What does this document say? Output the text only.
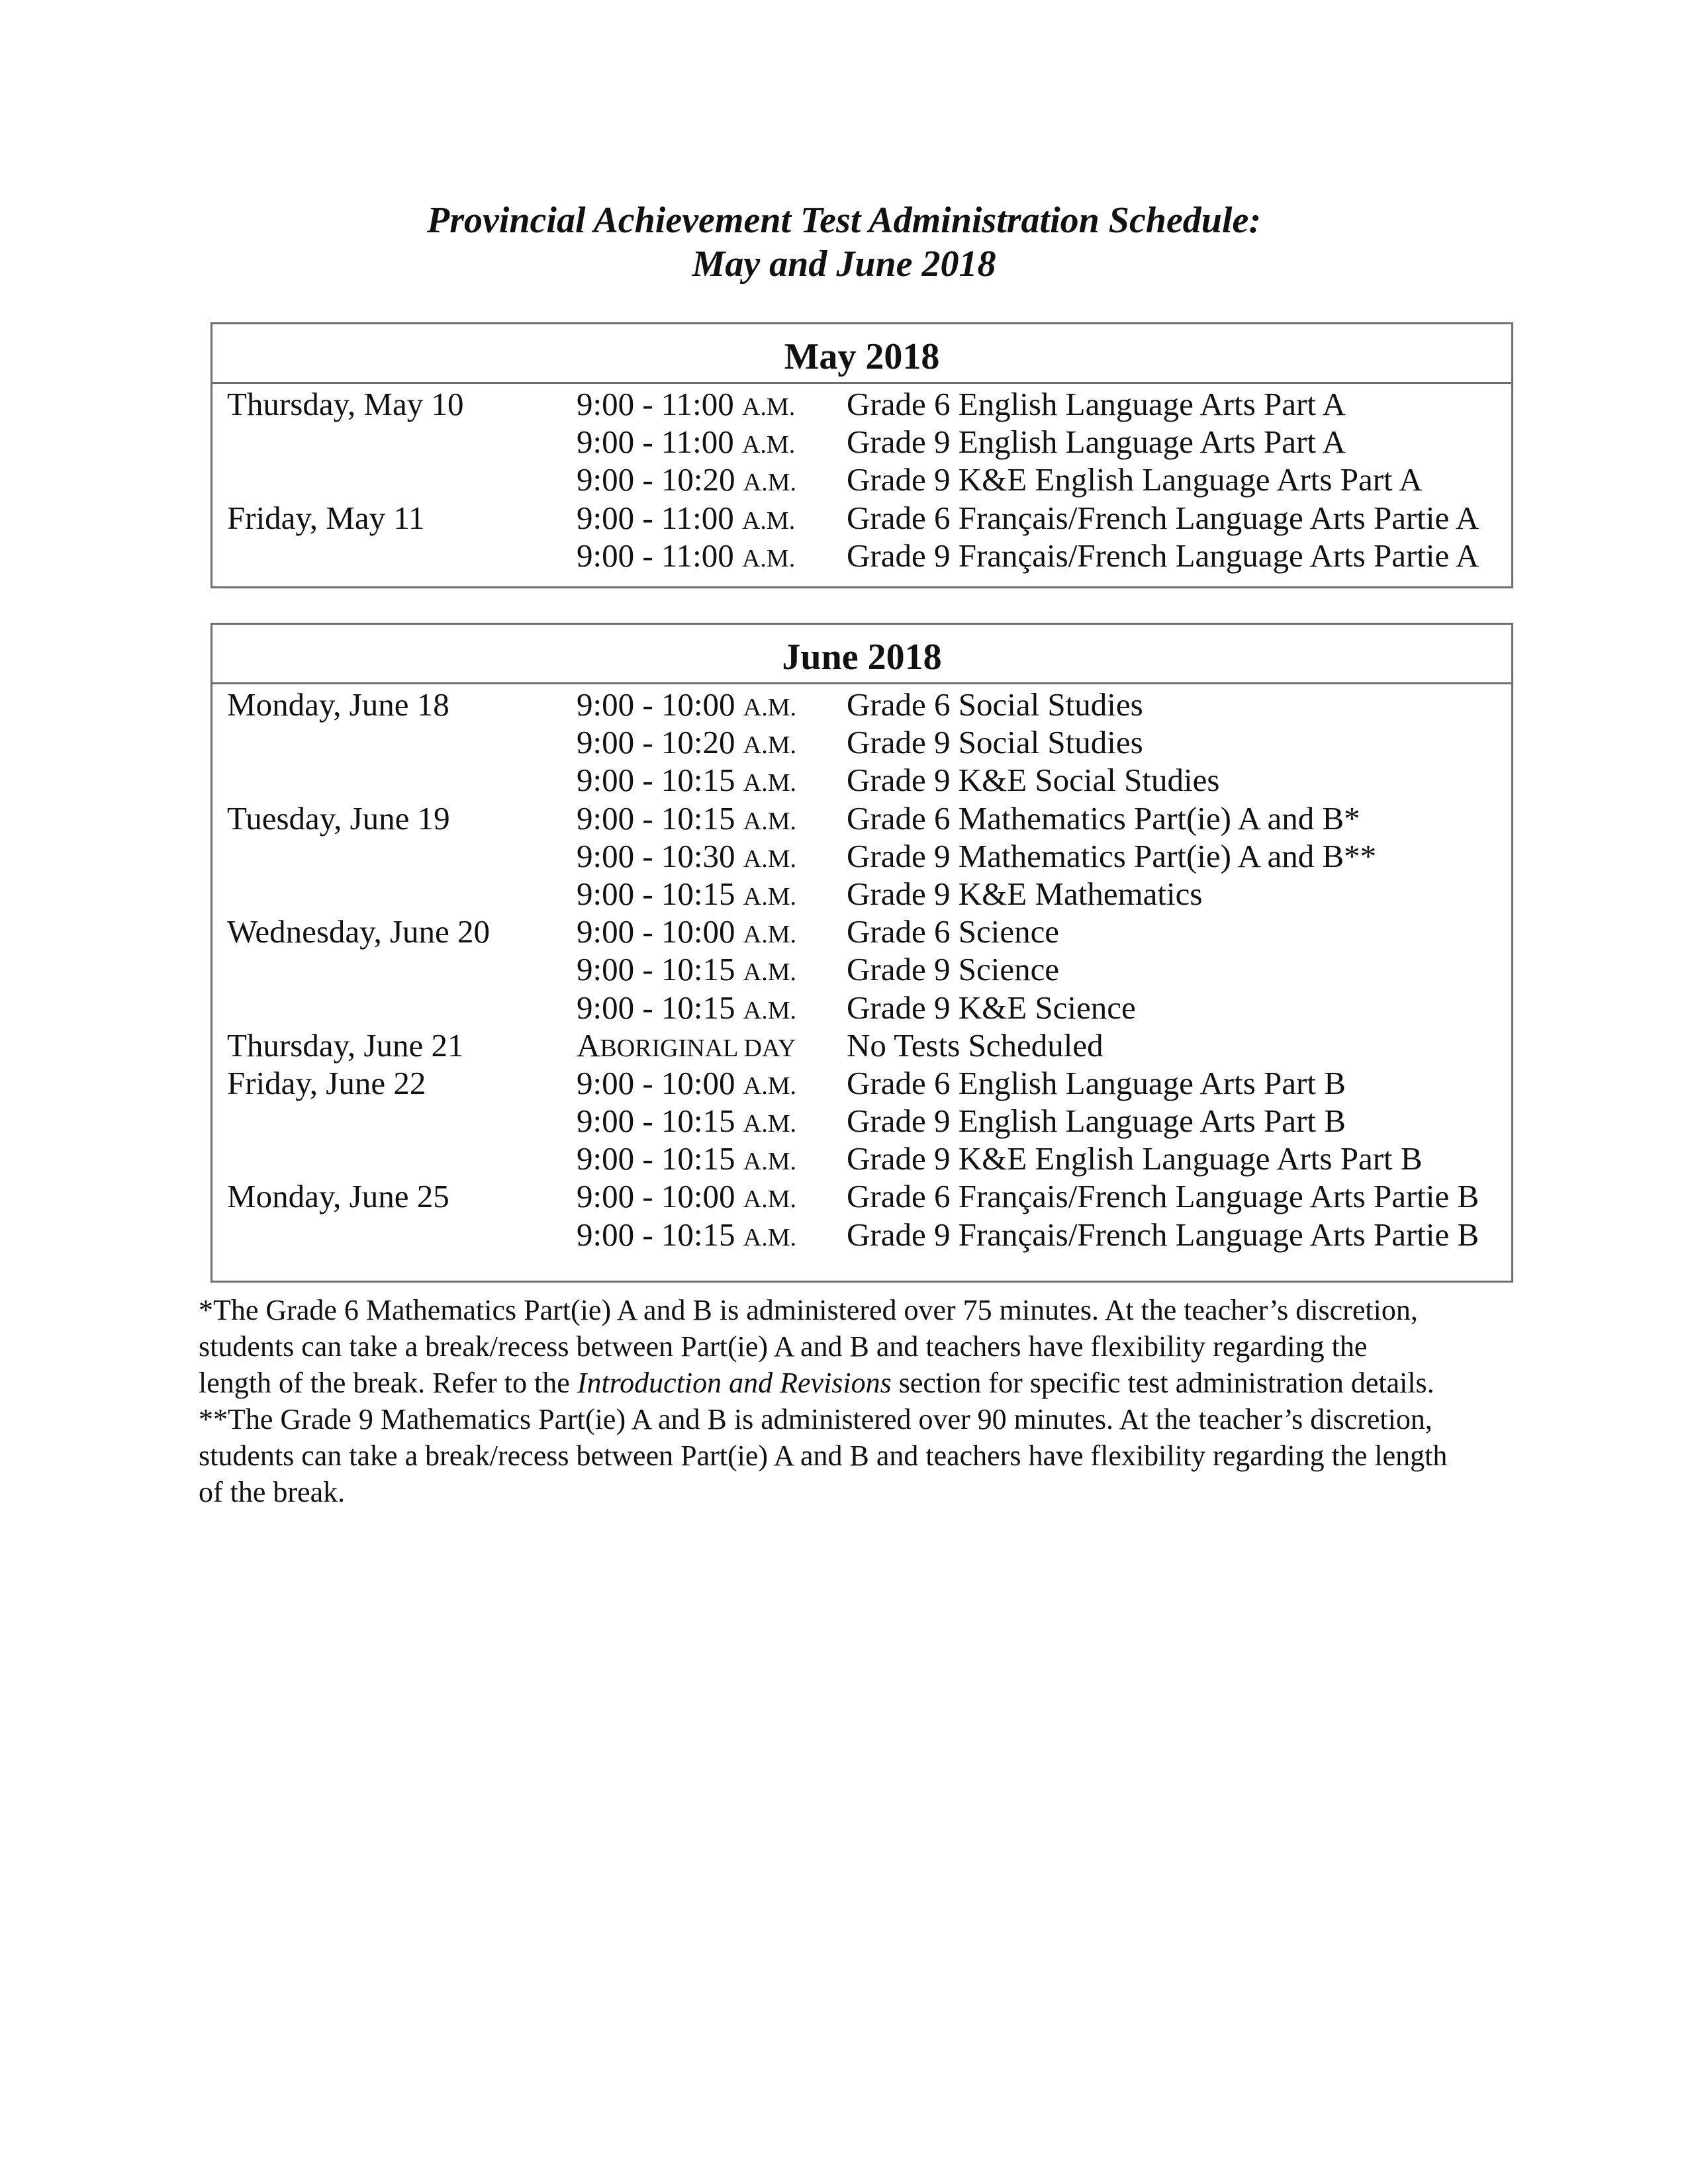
Provincial Achievement Test Administration Schedule:
May and June 2018
May 2018
Thursday, May 10	9:00 - 11:00 A.M. Grade 6 English Language Arts Part A
9:00 - 11:00 A.M. Grade 9 English Language Arts Part A
9:00 - 10:20 A.M. Grade 9 K&E English Language Arts Part A
Friday, May 11	9:00 - 11:00 A.M. Grade 6 Français/French Language Arts Partie A
9:00 - 11:00 A.M. Grade 9 Français/French Language Arts Partie A
June 2018
Monday, June 18	9:00 - 10:00 A.M. Grade 6 Social Studies
9:00 - 10:20 A.M. Grade 9 Social Studies
9:00 - 10:15 A.M. Grade 9 K&E Social Studies
Tuesday, June 19	9:00 - 10:15 A.M. Grade 6 Mathematics Part(ie) A and B*
9:00 - 10:30 A.M. Grade 9 Mathematics Part(ie) A and B**
9:00 - 10:15 A.M. Grade 9 K&E Mathematics
Wednesday, June 20	9:00 - 10:00 A.M. Grade 6 Science
9:00 - 10:15 A.M. Grade 9 Science
9:00 - 10:15 A.M. Grade 9 K&E Science
Thursday, June 21	ABORIGINAL DAY No Tests Scheduled
Friday, June 22	9:00 - 10:00 A.M. Grade 6 English Language Arts Part B
9:00 - 10:15 A.M. Grade 9 English Language Arts Part B
9:00 - 10:15 A.M. Grade 9 K&E English Language Arts Part B
Monday, June 25	9:00 - 10:00 A.M. Grade 6 Français/French Language Arts Partie B
9:00 - 10:15 A.M. Grade 9 Français/French Language Arts Partie B
*The Grade 6 Mathematics Part(ie) A and B is administered over 75 minutes. At the teacher’s discretion,
students can take a break/recess between Part(ie) A and B and teachers have flexibility regarding the
length of the break. Refer to the Introduction and Revisions section for specific test administration details.
**The Grade 9 Mathematics Part(ie) A and B is administered over 90 minutes. At the teacher’s discretion,
students can take a break/recess between Part(ie) A and B and teachers have flexibility regarding the length
of the break.
